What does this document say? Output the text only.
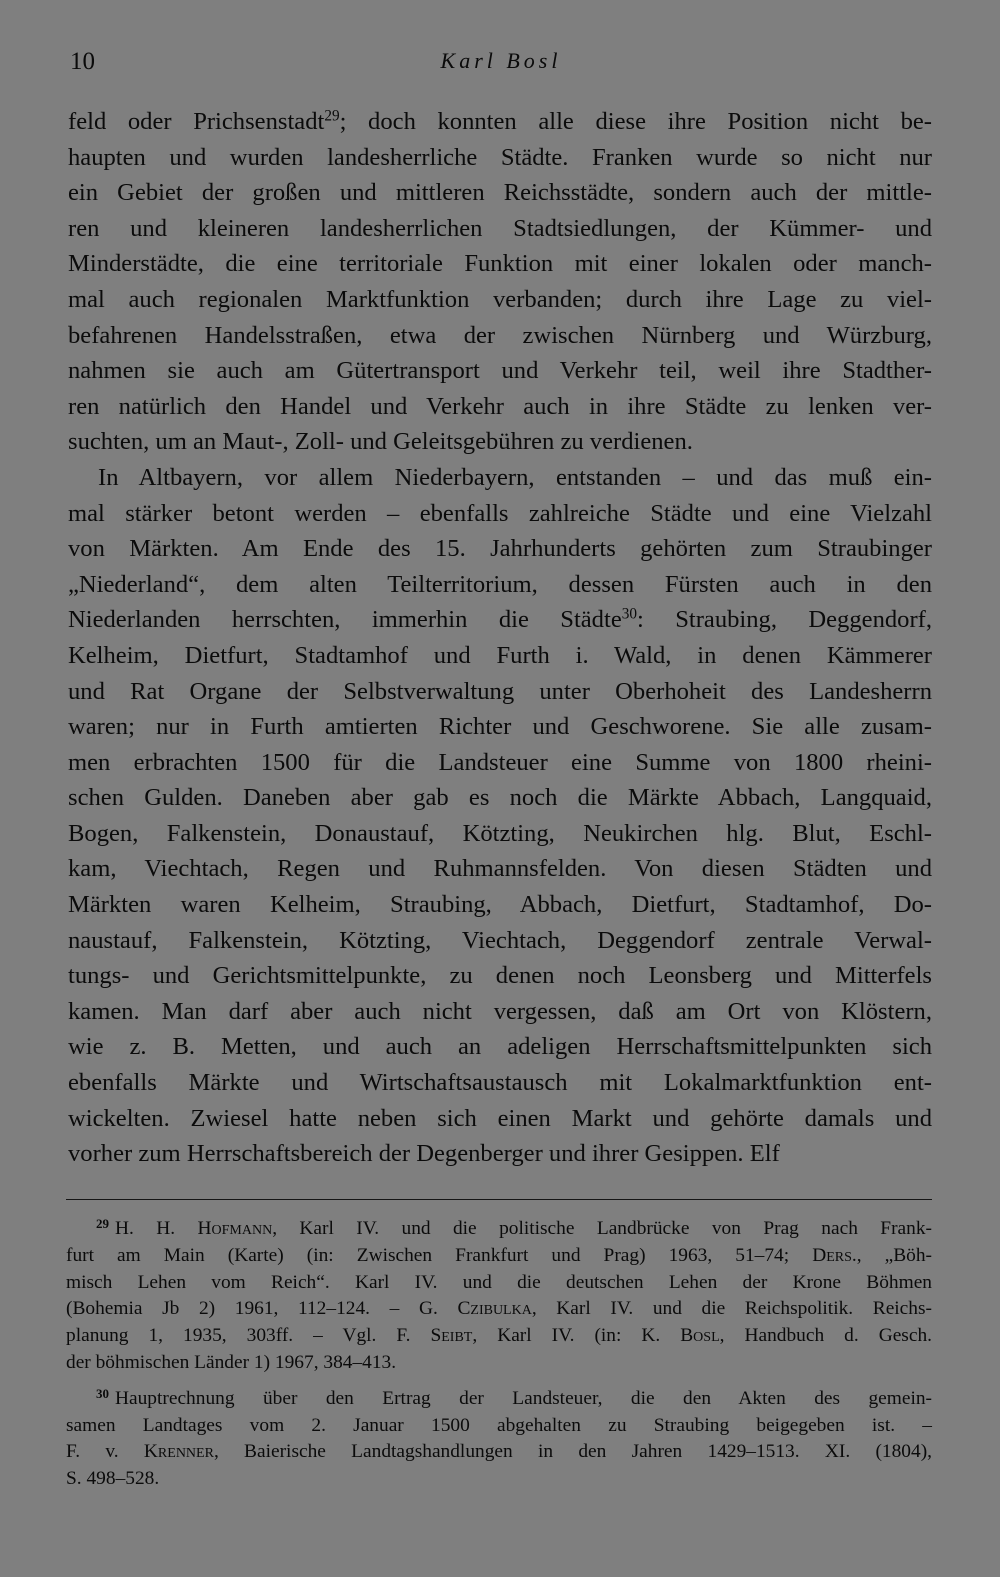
10	Karl Bosl
feld oder Prichsenstadt$^{29}$; doch konnten alle diese ihre Position nicht be-
haupten und wurden landesherrliche Städte. Franken wurde so nicht nur
ein Gebiet der großen und mittleren Reichsstädte, sondern auch der mittle-
ren und kleineren landesherrlichen Stadtsiedlungen, der Kümmer- und
Minderstädte, die eine territoriale Funktion mit einer lokalen oder manch-
mal auch regionalen Marktfunktion verbanden; durch ihre Lage zu viel-
befahrenen Handelsstraßen, etwa der zwischen Nürnberg und Würzburg,
nahmen sie auch am Gütertransport und Verkehr teil, weil ihre Stadther-
ren natürlich den Handel und Verkehr auch in ihre Städte zu lenken ver-
suchten, um an Maut-, Zoll- und Geleitsgebühren zu verdienen.
In Altbayern, vor allem Niederbayern, entstanden – und das muß ein-
mal stärker betont werden – ebenfalls zahlreiche Städte und eine Vielzahl
von Märkten. Am Ende des 15. Jahrhunderts gehörten zum Straubinger
„Niederland“, dem alten Teilterritorium, dessen Fürsten auch in den
Niederlanden herrschten, immerhin die Städte$^{30}$: Straubing, Deggendorf,
Kelheim, Dietfurt, Stadtamhof und Furth i. Wald, in denen Kämmerer
und Rat Organe der Selbstverwaltung unter Oberhoheit des Landesherrn
waren; nur in Furth amtierten Richter und Geschworene. Sie alle zusam-
men erbrachten 1500 für die Landsteuer eine Summe von 1800 rheini-
schen Gulden. Daneben aber gab es noch die Märkte Abbach, Langquaid,
Bogen, Falkenstein, Donaustauf, Kötzting, Neukirchen hlg. Blut, Eschl-
kam, Viechtach, Regen und Ruhmannsfelden. Von diesen Städten und
Märkten waren Kelheim, Straubing, Abbach, Dietfurt, Stadtamhof, Do-
naustauf, Falkenstein, Kötzting, Viechtach, Deggendorf zentrale Verwal-
tungs- und Gerichtsmittelpunkte, zu denen noch Leonsberg und Mitterfels
kamen. Man darf aber auch nicht vergessen, daß am Ort von Klöstern,
wie z. B. Metten, und auch an adeligen Herrschaftsmittelpunkten sich
ebenfalls Märkte und Wirtschaftsaustausch mit Lokalmarktfunktion ent-
wickelten. Zwiesel hatte neben sich einen Markt und gehörte damals und
vorher zum Herrschaftsbereich der Degenberger und ihrer Gesippen. Elf
$^{29}$ H. H. Hofmann, Karl IV. und die politische Landbrücke von Prag nach Frank-
furt am Main (Karte) (in: Zwischen Frankfurt und Prag) 1963, 51–74; Ders., „Böh-
misch Lehen vom Reich“. Karl IV. und die deutschen Lehen der Krone Böhmen
(Bohemia Jb 2) 1961, 112–124. – G. Czibulka, Karl IV. und die Reichspolitik. Reichs-
planung 1, 1935, 303ff. – Vgl. F. Seibt, Karl IV. (in: K. Bosl, Handbuch d. Gesch.
der böhmischen Länder 1) 1967, 384–413.
$^{30}$ Hauptrechnung über den Ertrag der Landsteuer, die den Akten des gemein-
samen Landtages vom 2. Januar 1500 abgehalten zu Straubing beigegeben ist. –
F. v. Krenner, Baierische Landtagshandlungen in den Jahren 1429–1513. XI. (1804),
S. 498–528.
